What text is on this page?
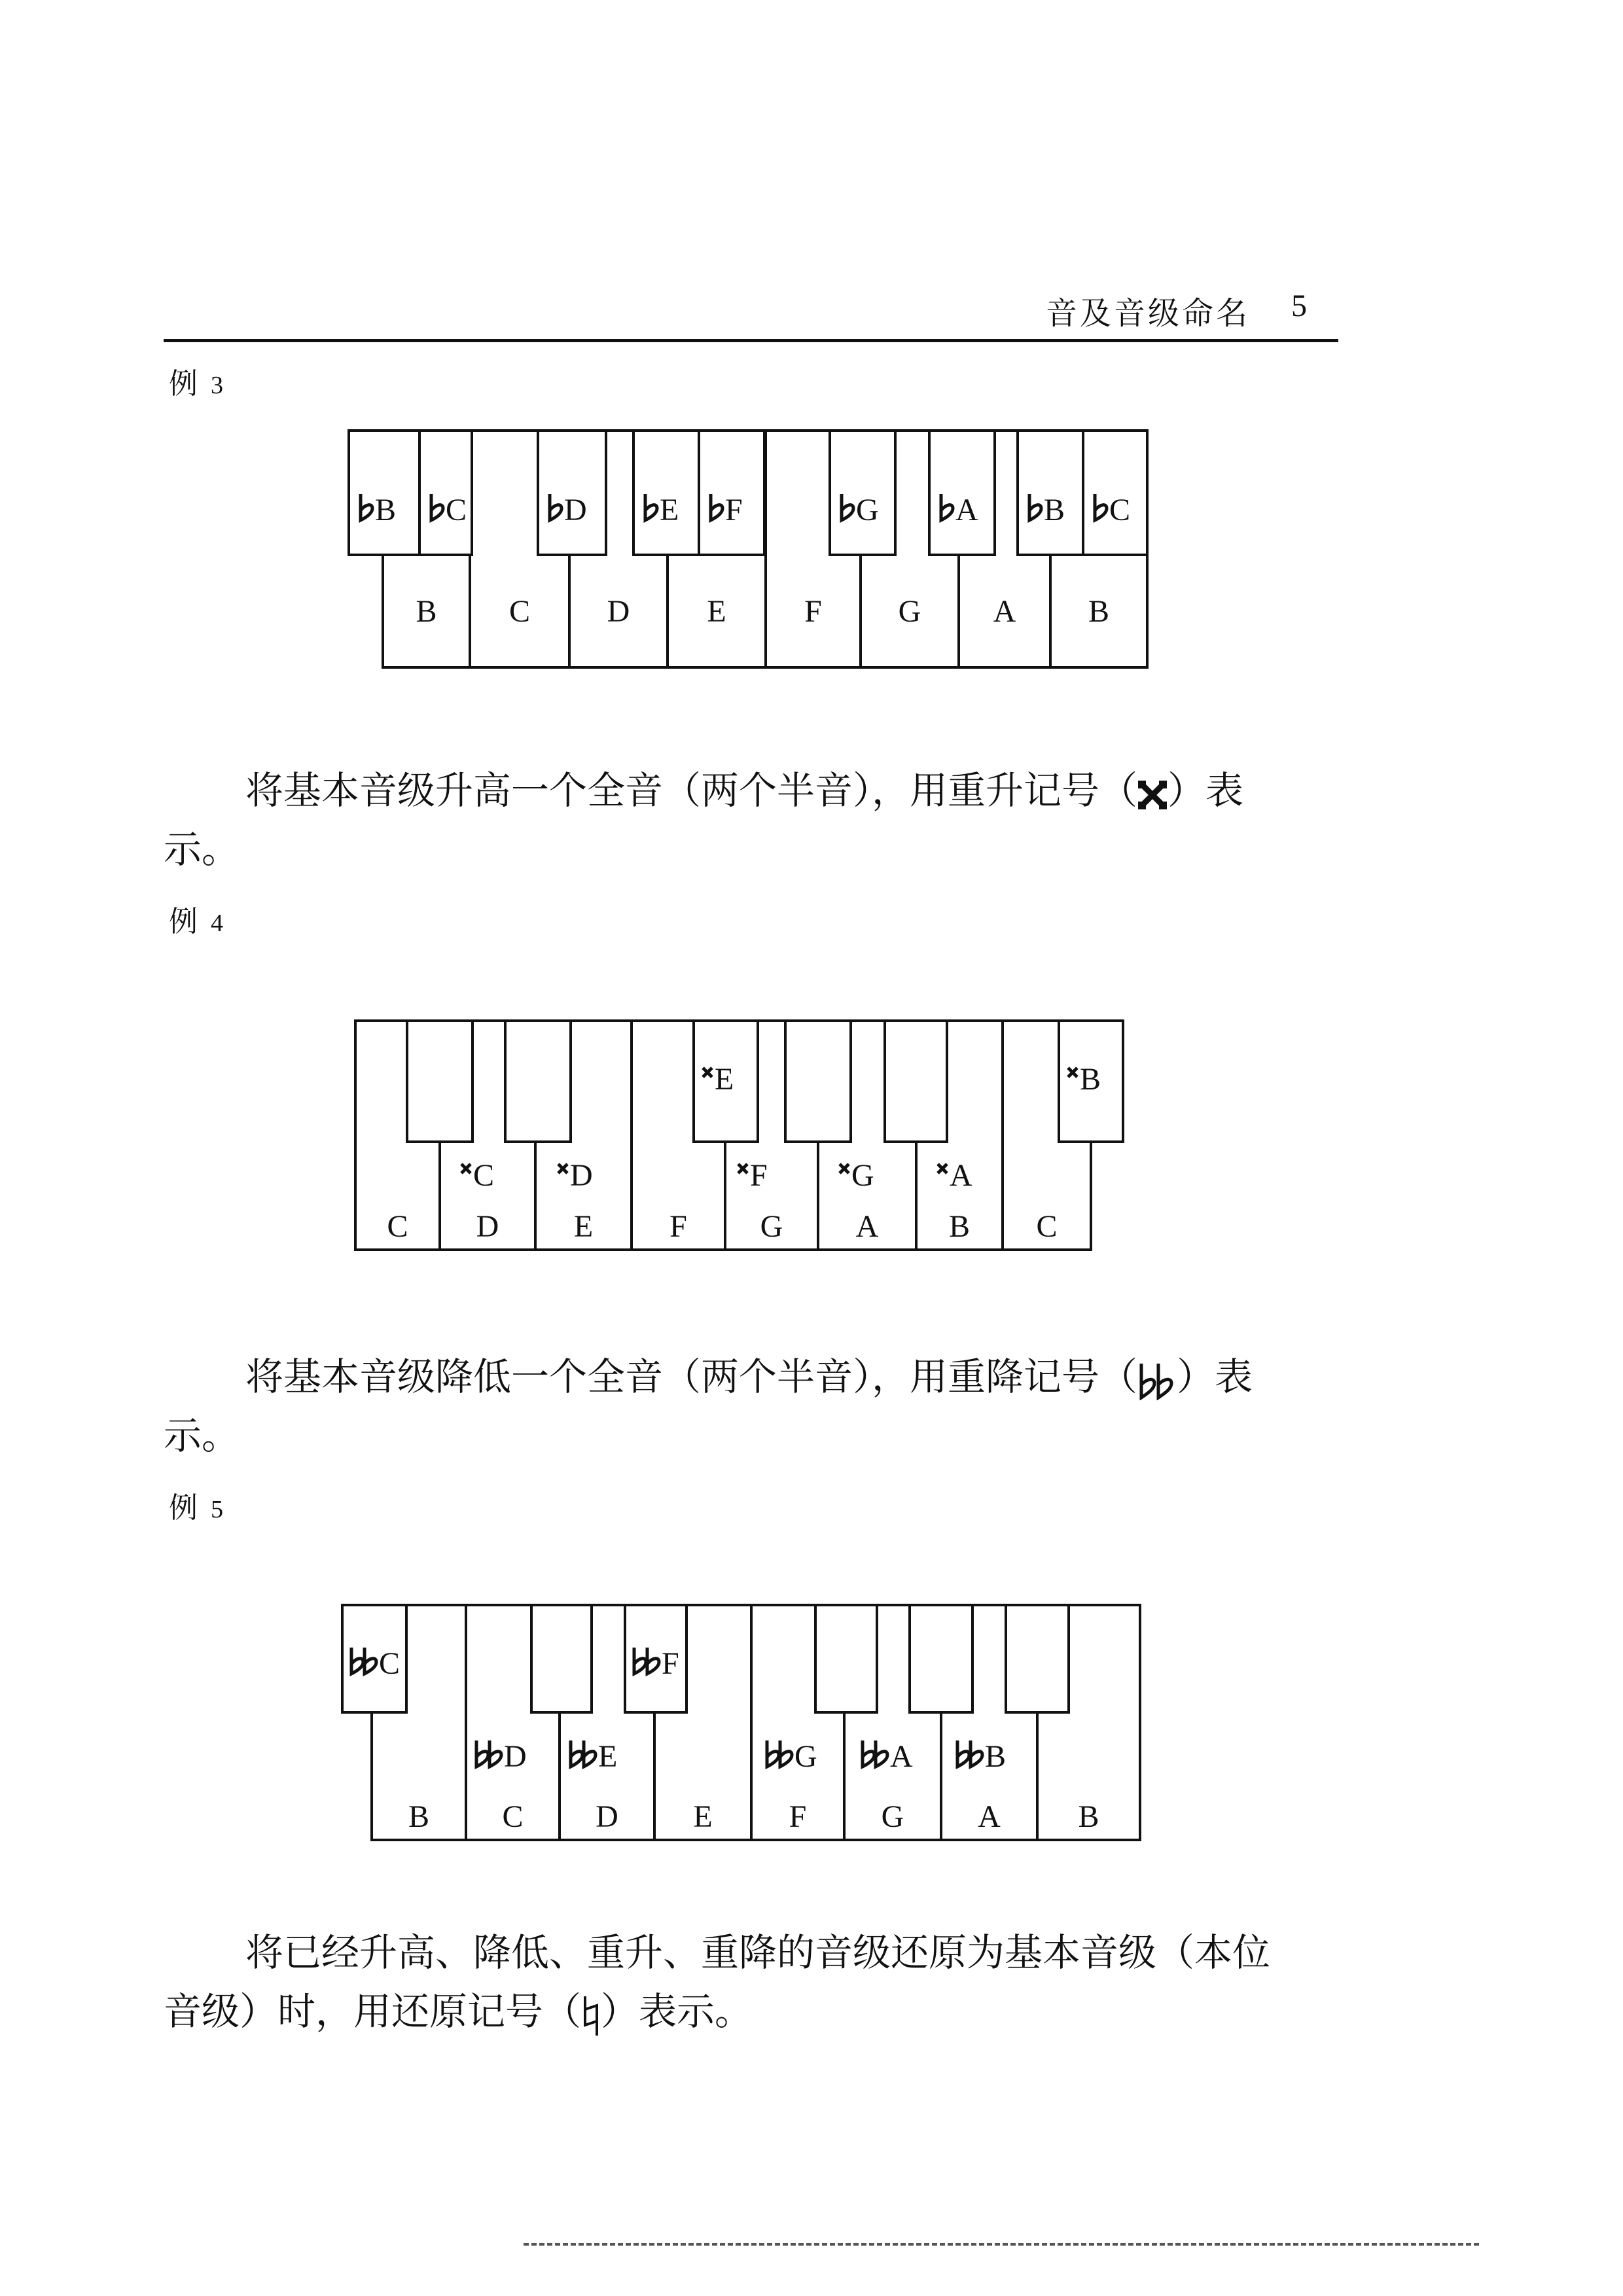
音及音级命名 5
例 3
B C D E F G A B
B C	D E F	G A B C
C D E F G A B C
E	B
C D	F	G A
B C D E F G A B
C	F
D E	G A B
将基本音级升高一个全音（两个半音），用重升记号（ ）表
示。
例 4
将基本音级降低一个全音（两个半音），用重降记号（ ）表
示。
例 5
将已经升高、降低、重升、重降的音级还原为基本音级（本位
音级）时，用还原记号（ ）表示。
